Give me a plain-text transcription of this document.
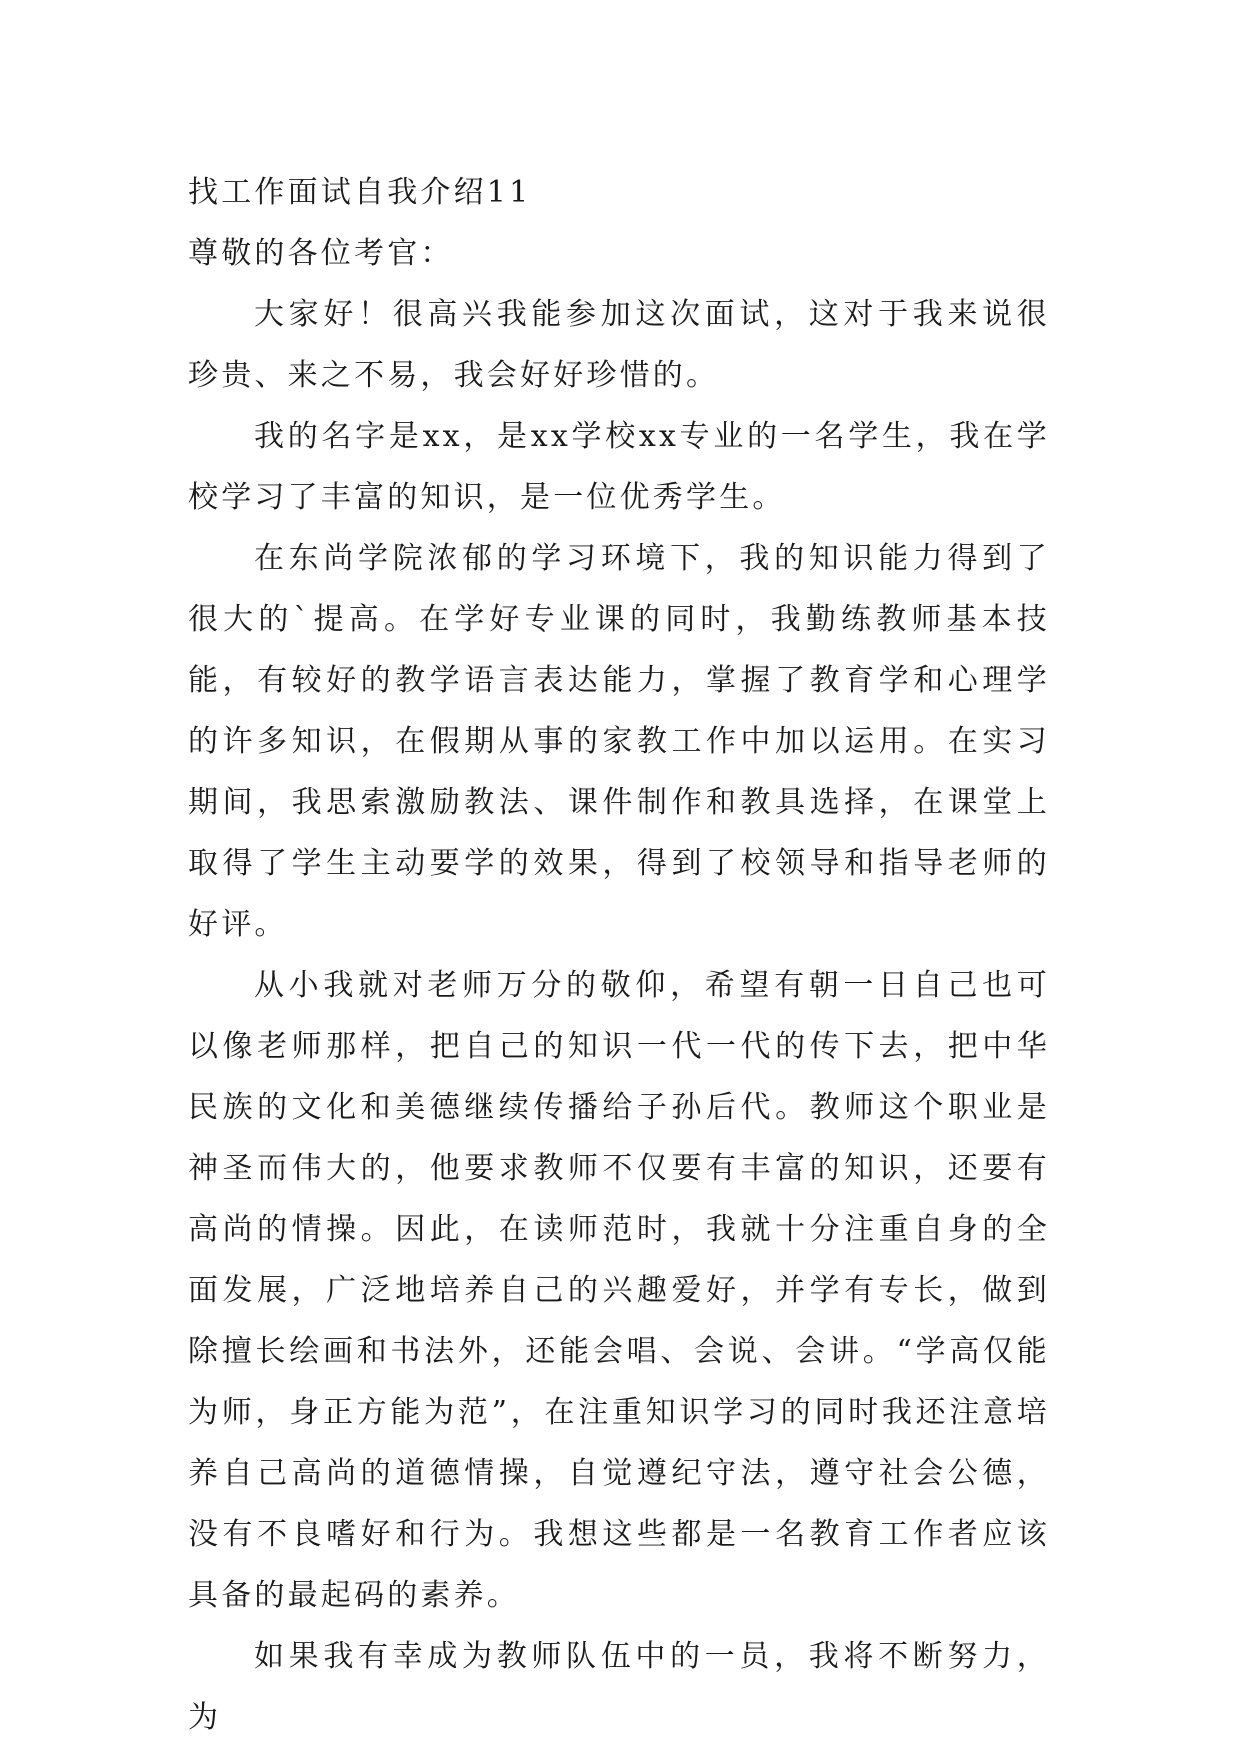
找工作面试自我介绍11

尊敬的各位考官：

大家好！很高兴我能参加这次面试，这对于我来说很珍贵、来之不易，我会好好珍惜的。

我的名字是xx，是xx学校xx专业的一名学生，我在学校学习了丰富的知识，是一位优秀学生。

在东尚学院浓郁的学习环境下，我的知识能力得到了很大的`提高。在学好专业课的同时，我勤练教师基本技能，有较好的教学语言表达能力，掌握了教育学和心理学的许多知识，在假期从事的家教工作中加以运用。在实习期间，我思索激励教法、课件制作和教具选择，在课堂上取得了学生主动要学的效果，得到了校领导和指导老师的好评。

从小我就对老师万分的敬仰，希望有朝一日自己也可以像老师那样，把自己的知识一代一代的传下去，把中华民族的文化和美德继续传播给子孙后代。教师这个职业是神圣而伟大的，他要求教师不仅要有丰富的知识，还要有高尚的情操。因此，在读师范时，我就十分注重自身的全面发展，广泛地培养自己的兴趣爱好，并学有专长，做到除擅长绘画和书法外，还能会唱、会说、会讲。“学高仅能为师，身正方能为范”，在注重知识学习的同时我还注意培养自己高尚的道德情操，自觉遵纪守法，遵守社会公德，没有不良嗜好和行为。我想这些都是一名教育工作者应该具备的最起码的素养。

如果我有幸成为教师队伍中的一员，我将不断努力，为
